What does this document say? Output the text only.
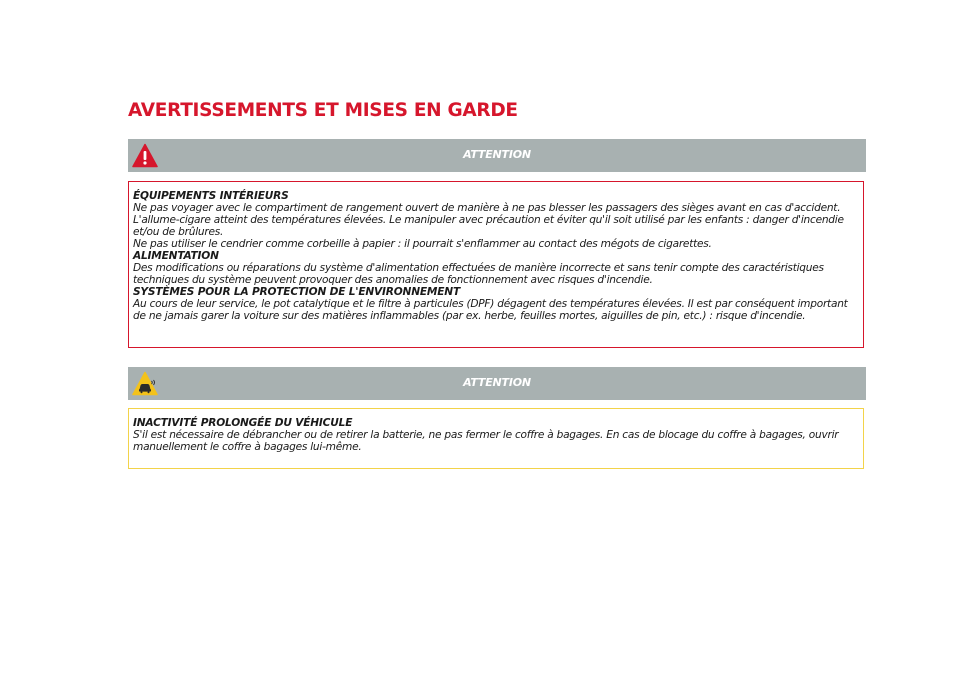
AVERTISSEMENTS ET MISES EN GARDE
ATTENTION
ÉQUIPEMENTS INTÉRIEURS
Ne pas voyager avec le compartiment de rangement ouvert de manière à ne pas blesser les passagers des sièges avant en cas d'accident.
L'allume-cigare atteint des températures élevées. Le manipuler avec précaution et éviter qu'il soit utilisé par les enfants : danger d'incendie et/ou de brûlures.
Ne pas utiliser le cendrier comme corbeille à papier : il pourrait s'enflammer au contact des mégots de cigarettes.
ALIMENTATION
Des modifications ou réparations du système d'alimentation effectuées de manière incorrecte et sans tenir compte des caractéristiques techniques du système peuvent provoquer des anomalies de fonctionnement avec risques d'incendie.
SYSTÈMES POUR LA PROTECTION DE L'ENVIRONNEMENT
Au cours de leur service, le pot catalytique et le filtre à particules (DPF) dégagent des températures élevées. Il est par conséquent important de ne jamais garer la voiture sur des matières inflammables (par ex. herbe, feuilles mortes, aiguilles de pin, etc.) : risque d'incendie.
ATTENTION
INACTIVITÉ PROLONGÉE DU VÉHICULE
S'il est nécessaire de débrancher ou de retirer la batterie, ne pas fermer le coffre à bagages. En cas de blocage du coffre à bagages, ouvrir manuellement le coffre à bagages lui-même.
